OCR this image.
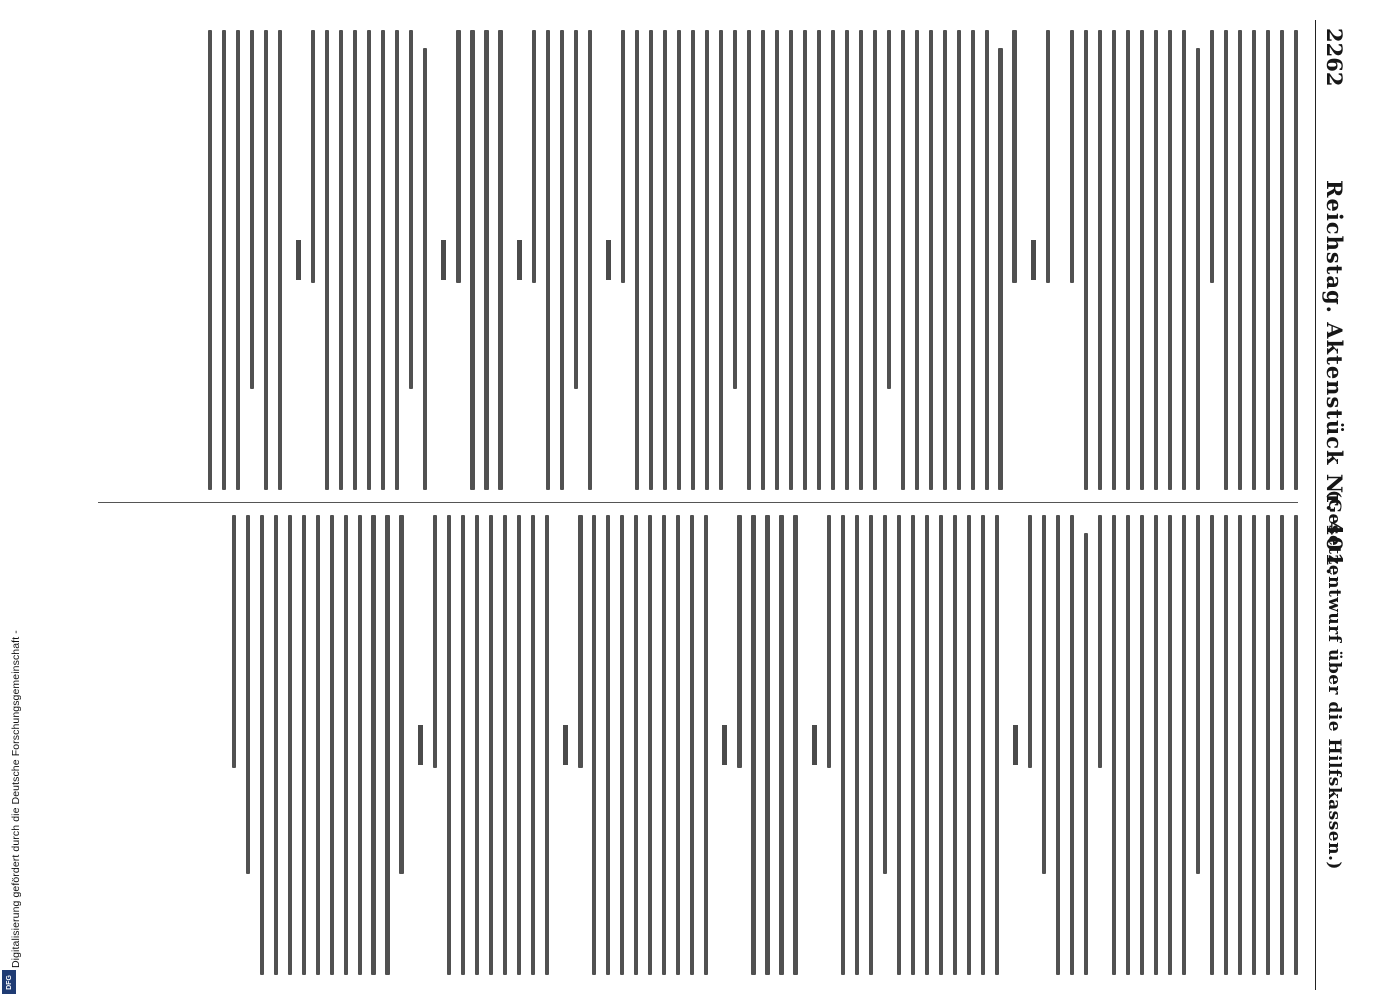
Digitalisierung gefördert durch die Deutsche Forschungsgemeinschaft -
DFG
2262
Reichstag. Aktenstück Nr. 401.
(Gesetzentwurf über die Hilfskassen.)
